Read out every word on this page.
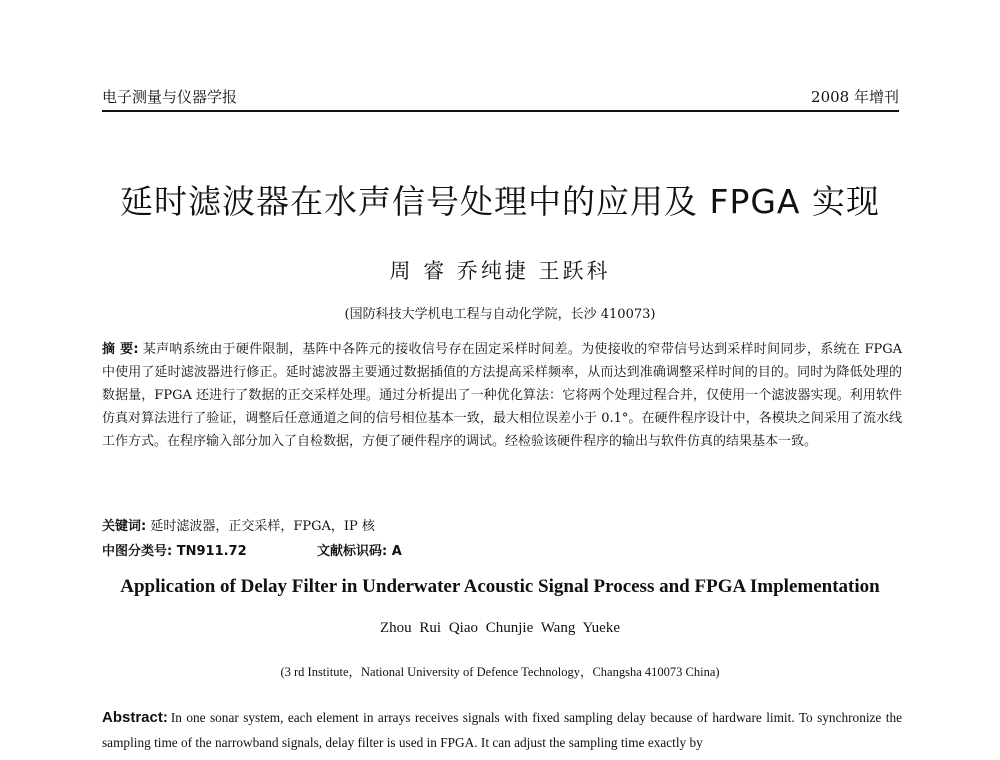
电子测量与仪器学报	2008 年增刊
延时滤波器在水声信号处理中的应用及 FPGA 实现
周 睿 乔纯捷 王跃科
(国防科技大学机电工程与自动化学院，长沙 410073)
摘 要: 某声呐系统由于硬件限制，基阵中各阵元的接收信号存在固定采样时间差。为使接收的窄带信号达到采样时间同步，系统在 FPGA 中使用了延时滤波器进行修正。延时滤波器主要通过数据插值的方法提高采样频率，从而达到准确调整采样时间的目的。同时为降低处理的数据量，FPGA 还进行了数据的正交采样处理。通过分析提出了一种优化算法：它将两个处理过程合并，仅使用一个滤波器实现。利用软件仿真对算法进行了验证，调整后任意通道之间的信号相位基本一致，最大相位误差小于 0.1°。在硬件程序设计中，各模块之间采用了流水线工作方式。在程序输入部分加入了自检数据，方便了硬件程序的调试。经检验该硬件程序的输出与软件仿真的结果基本一致。
关键词: 延时滤波器，正交采样，FPGA，IP 核
中图分类号: TN911.72	文献标识码: A
Application of Delay Filter in Underwater Acoustic Signal Process and FPGA Implementation
Zhou Rui Qiao Chunjie Wang Yueke
(3 rd Institute，National University of Defence Technology，Changsha 410073 China)
Abstract: In one sonar system, each element in arrays receives signals with fixed sampling delay because of hardware limit. To synchronize the sampling time of the narrowband signals, delay filter is used in FPGA. It can adjust the sampling time exactly by
